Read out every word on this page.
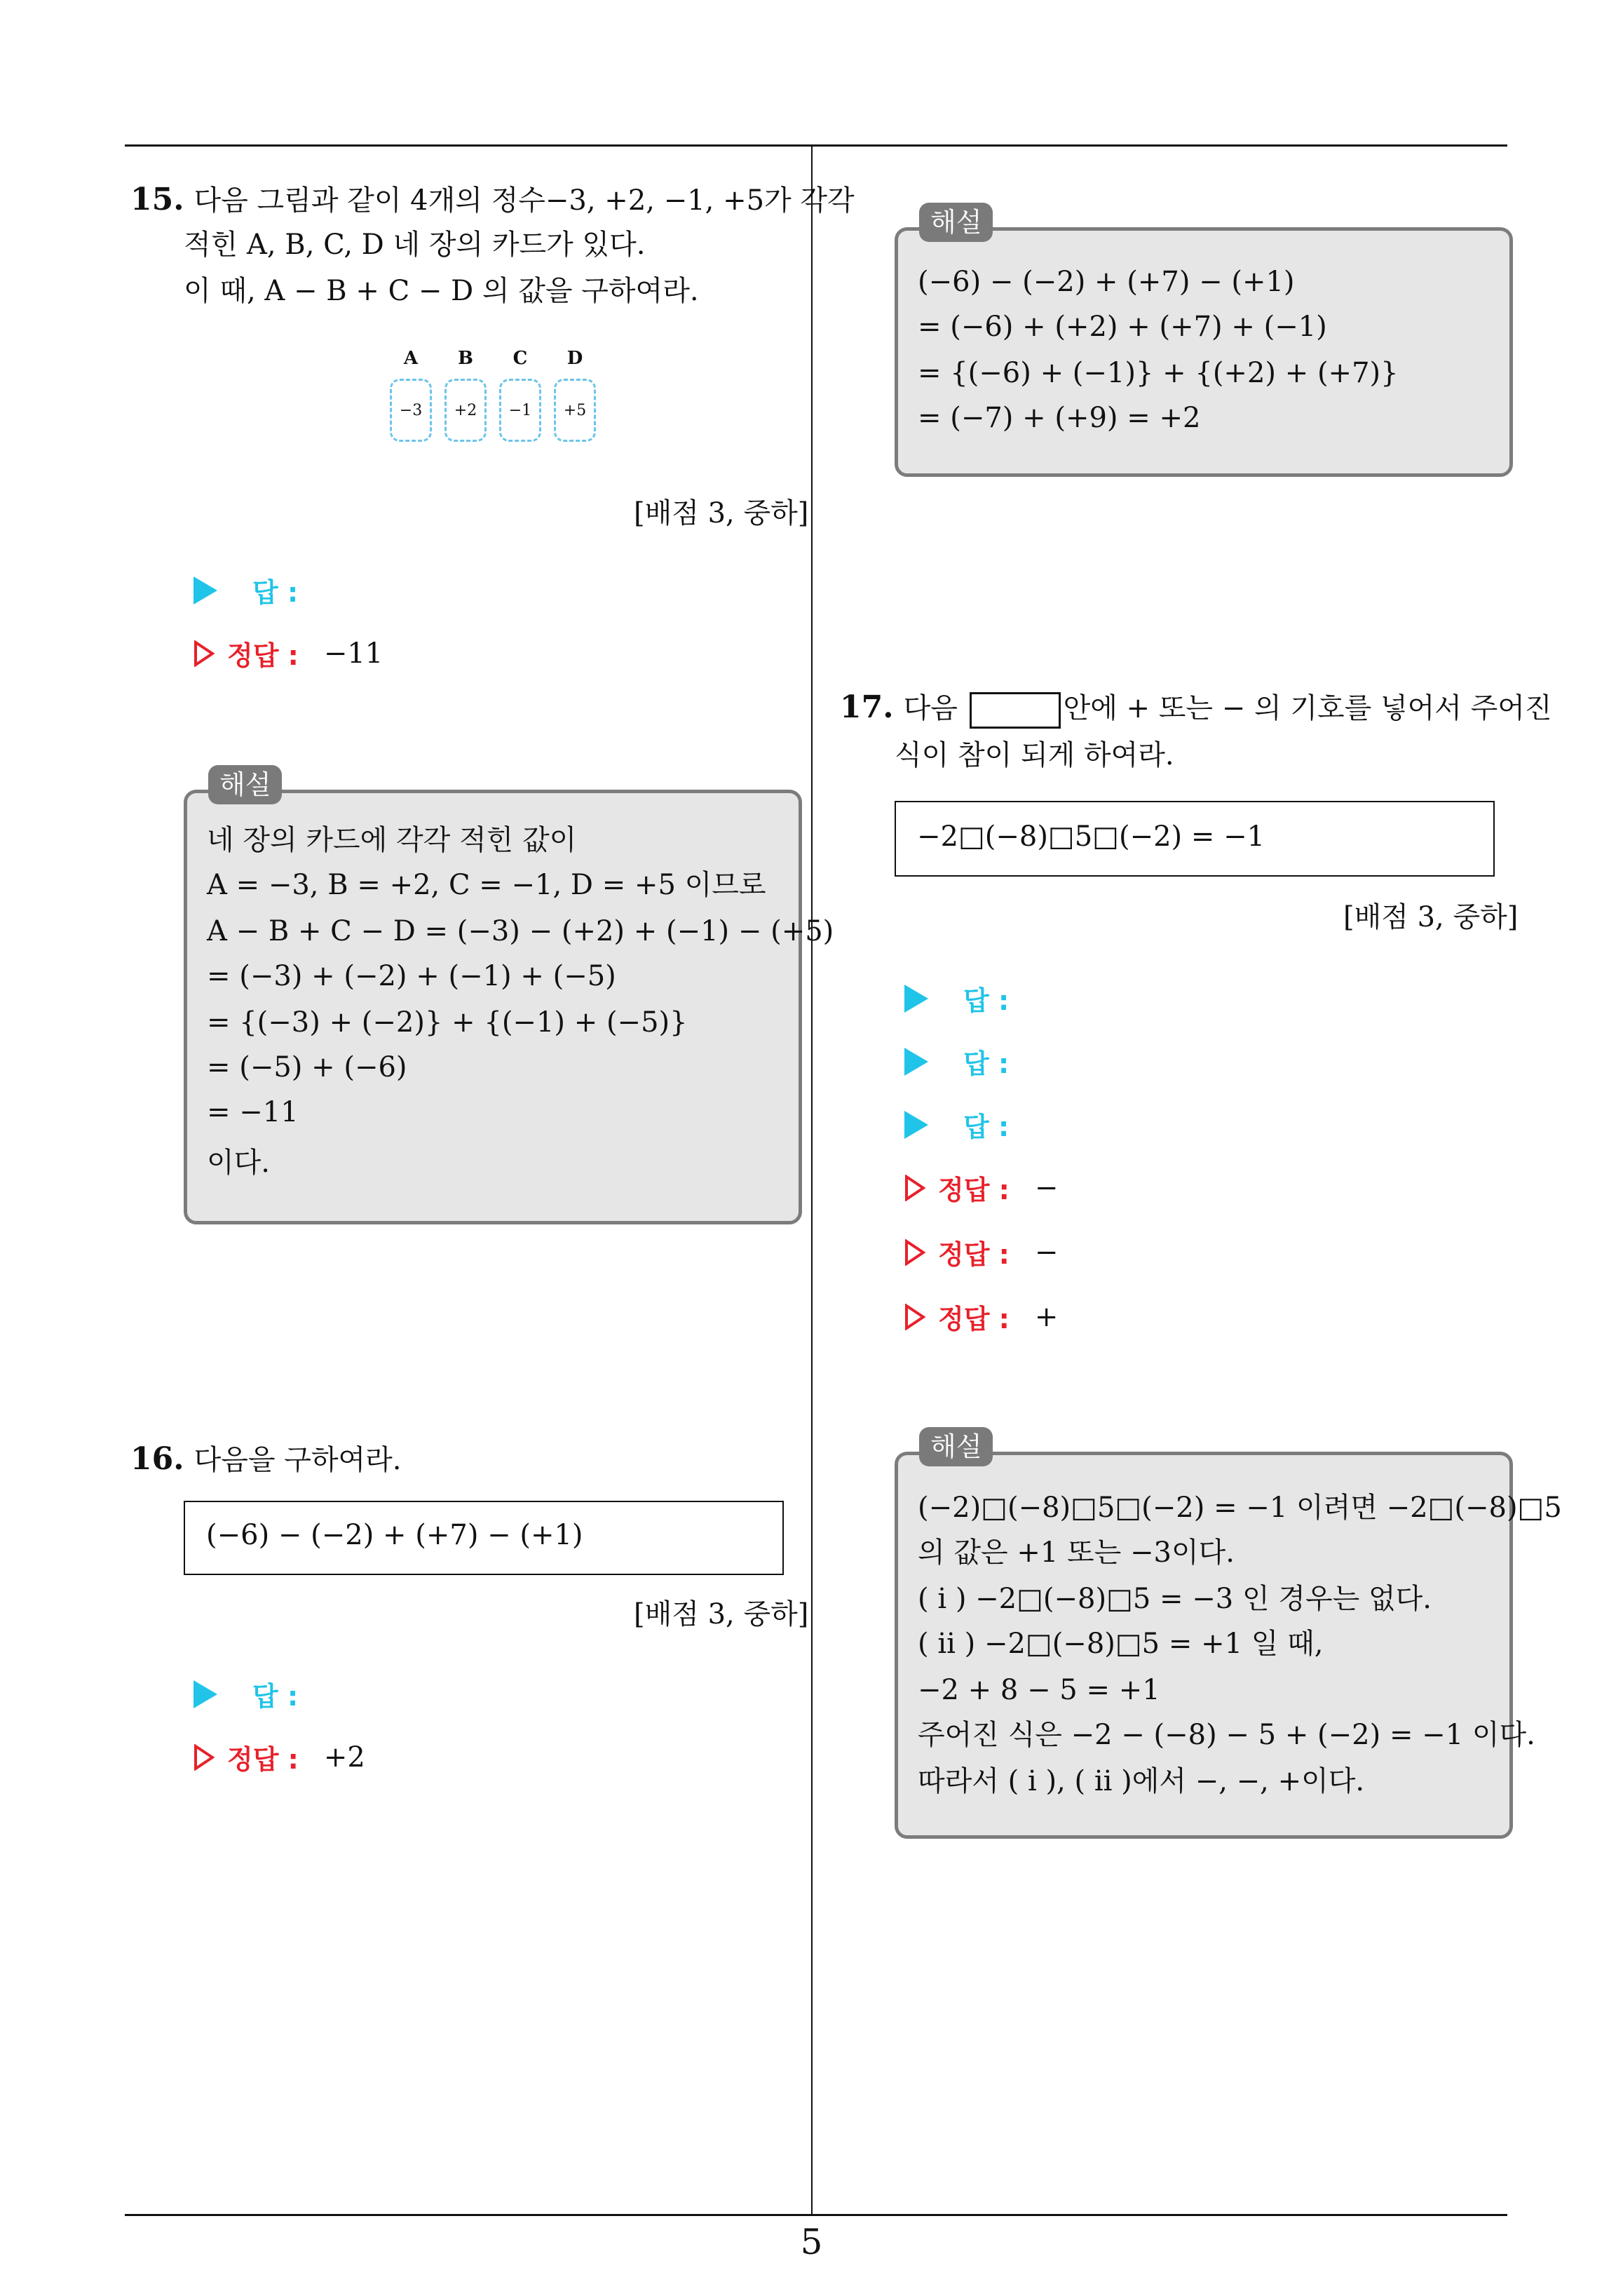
5
15. 다음 그림과 같이 4개의 정수−3, +2, −1, +5가 각각
적힌 A, B, C, D 네 장의 카드가 있다.
이 때, A − B + C − D 의 값을 구하여라.
A	B	C	D
−3	+2	−1	+5
[배점 3, 중하]
답 :
정답 : −11
해설
네 장의 카드에 각각 적힌 값이
A = −3, B = +2, C = −1, D = +5 이므로
A − B + C − D = (−3) − (+2) + (−1) − (+5)
= (−3) + (−2) + (−1) + (−5)
= {(−3) + (−2)} + {(−1) + (−5)}
= (−5) + (−6)
= −11
이다.
16. 다음을 구하여라.
(−6) − (−2) + (+7) − (+1)
[배점 3, 중하]
답 :
정답 : +2
해설
(−6) − (−2) + (+7) − (+1)
= (−6) + (+2) + (+7) + (−1)
= {(−6) + (−1)} + {(+2) + (+7)}
= (−7) + (+9) = +2
17. 다음	안에 + 또는 − 의 기호를 넣어서 주어진
식이 참이 되게 하여라.
−2□(−8)□5□(−2) = −1
[배점 3, 중하]
답 :
답 :
답 :
정답 : −
정답 : −
정답 : +
해설
(−2)□(−8)□5□(−2) = −1 이려면 −2□(−8)□5
의 값은 +1 또는 −3이다.
( i ) −2□(−8)□5 = −3 인 경우는 없다.
( ii ) −2□(−8)□5 = +1 일 때,
−2 + 8 − 5 = +1
주어진 식은 −2 − (−8) − 5 + (−2) = −1 이다.
따라서 ( i ), ( ii )에서 −, −, +이다.
